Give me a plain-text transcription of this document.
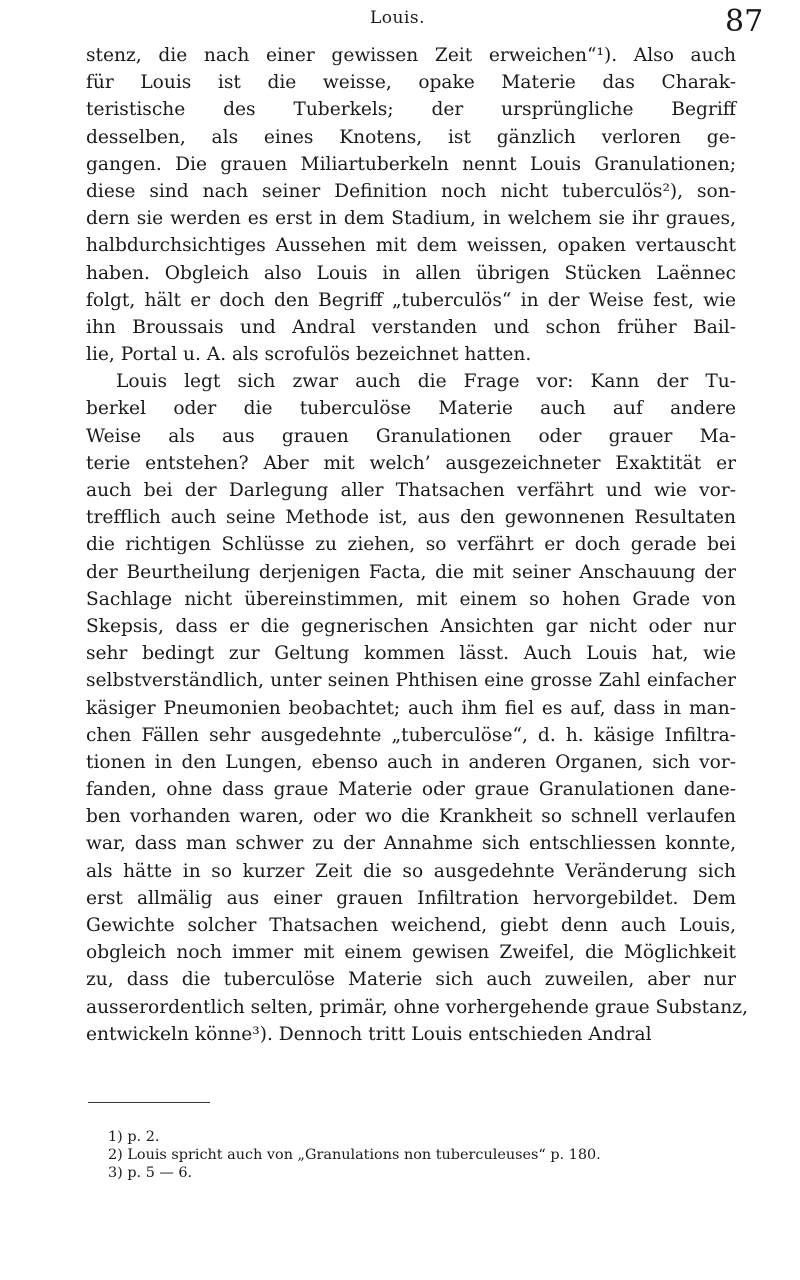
Louis.	87
stenz, die nach einer gewissen Zeit erweichen“¹). Also auch
für Louis ist die weisse, opake Materie das Charak-
teristische des Tuberkels; der ursprüngliche Begriff
desselben, als eines Knotens, ist gänzlich verloren ge-
gangen. Die grauen Miliartuberkeln nennt Louis Granulationen;
diese sind nach seiner Definition noch nicht tuberculös²), son-
dern sie werden es erst in dem Stadium, in welchem sie ihr graues,
halbdurchsichtiges Aussehen mit dem weissen, opaken vertauscht
haben. Obgleich also Louis in allen übrigen Stücken Laënnec
folgt, hält er doch den Begriff „tuberculös“ in der Weise fest, wie
ihn Broussais und Andral verstanden und schon früher Bail-
lie, Portal u. A. als scrofulös bezeichnet hatten.
Louis legt sich zwar auch die Frage vor: Kann der Tu-
berkel oder die tuberculöse Materie auch auf andere
Weise als aus grauen Granulationen oder grauer Ma-
terie entstehen? Aber mit welch’ ausgezeichneter Exaktität er
auch bei der Darlegung aller Thatsachen verfährt und wie vor-
trefflich auch seine Methode ist, aus den gewonnenen Resultaten
die richtigen Schlüsse zu ziehen, so verfährt er doch gerade bei
der Beurtheilung derjenigen Facta, die mit seiner Anschauung der
Sachlage nicht übereinstimmen, mit einem so hohen Grade von
Skepsis, dass er die gegnerischen Ansichten gar nicht oder nur
sehr bedingt zur Geltung kommen lässt. Auch Louis hat, wie
selbstverständlich, unter seinen Phthisen eine grosse Zahl einfacher
käsiger Pneumonien beobachtet; auch ihm fiel es auf, dass in man-
chen Fällen sehr ausgedehnte „tuberculöse“, d. h. käsige Infiltra-
tionen in den Lungen, ebenso auch in anderen Organen, sich vor-
fanden, ohne dass graue Materie oder graue Granulationen dane-
ben vorhanden waren, oder wo die Krankheit so schnell verlaufen
war, dass man schwer zu der Annahme sich entschliessen konnte,
als hätte in so kurzer Zeit die so ausgedehnte Veränderung sich
erst allmälig aus einer grauen Infiltration hervorgebildet. Dem
Gewichte solcher Thatsachen weichend, giebt denn auch Louis,
obgleich noch immer mit einem gewisen Zweifel, die Möglichkeit
zu, dass die tuberculöse Materie sich auch zuweilen, aber nur
ausserordentlich selten, primär, ohne vorhergehende graue Substanz,
entwickeln könne³). Dennoch tritt Louis entschieden Andral
1) p. 2.
2) Louis spricht auch von „Granulations non tuberculeuses“ p. 180.
3) p. 5 — 6.
